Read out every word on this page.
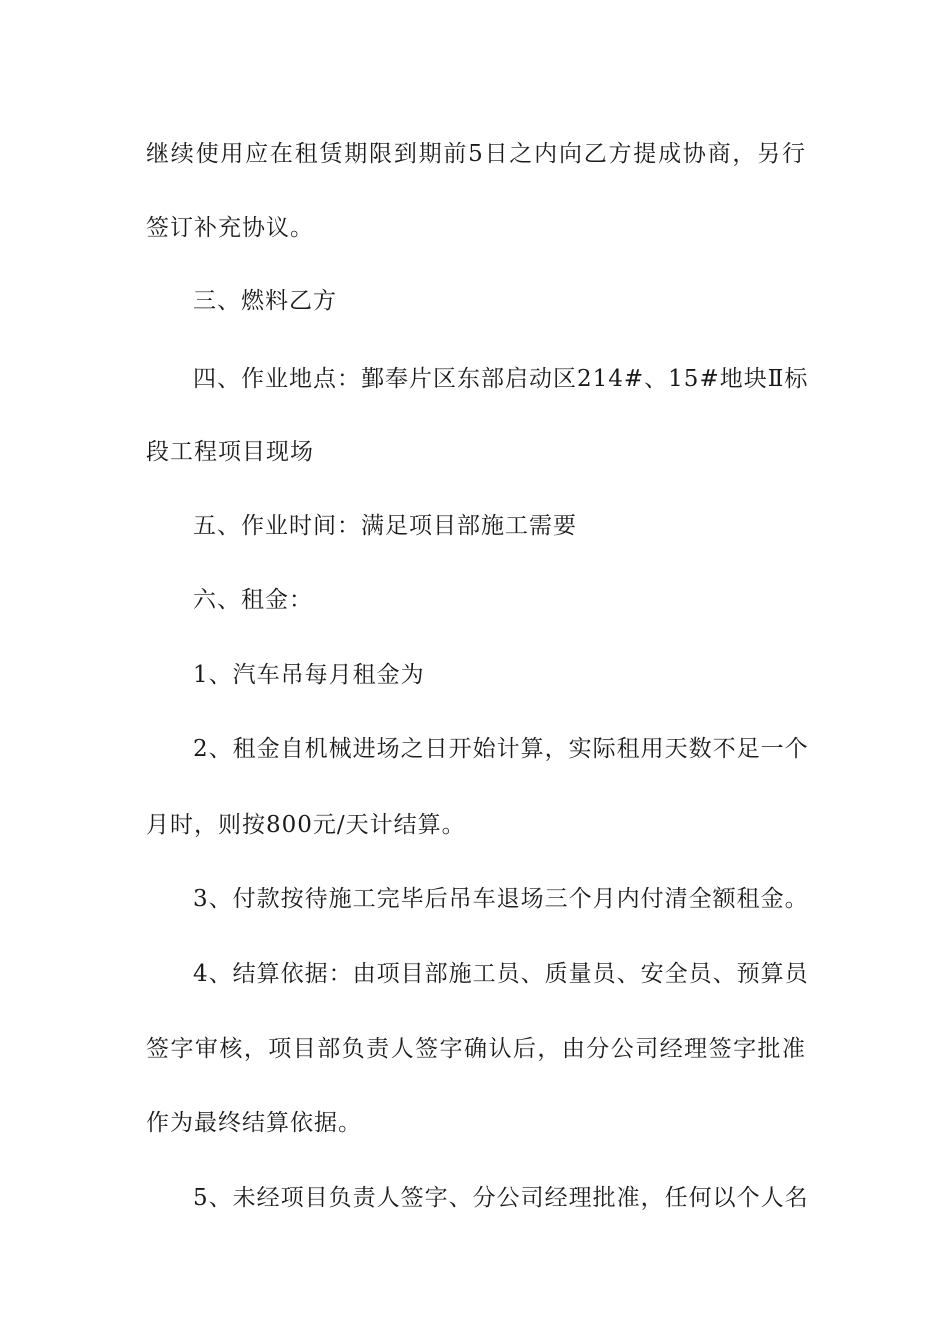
继续使用应在租赁期限到期前5日之内向乙方提成协商，另行
签订补充协议。
三、燃料乙方
四、作业地点：鄞奉片区东部启动区214#、15#地块Ⅱ标
段工程项目现场
五、作业时间：满足项目部施工需要
六、租金：
1、汽车吊每月租金为
2、租金自机械进场之日开始计算，实际租用天数不足一个
月时，则按800元/天计结算。
3、付款按待施工完毕后吊车退场三个月内付清全额租金。
4、结算依据：由项目部施工员、质量员、安全员、预算员
签字审核，项目部负责人签字确认后，由分公司经理签字批准
作为最终结算依据。
5、未经项目负责人签字、分公司经理批准，任何以个人名
